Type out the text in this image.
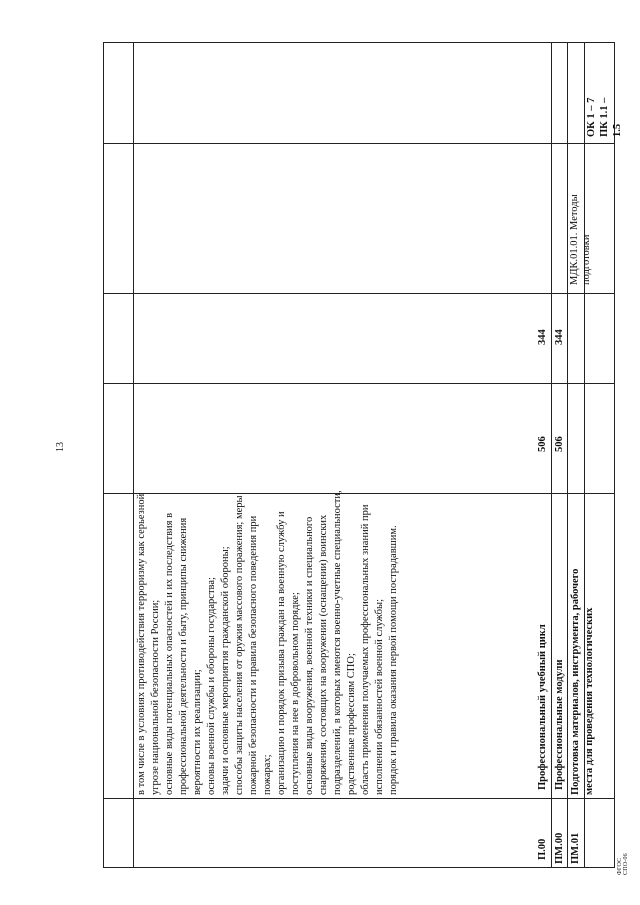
13
в том числе в условиях противодействия терроризму как серьезной угрозе национальной безопасности России;
основные виды потенциальных опасностей и их последствия в профессиональной деятельности и быту, принципы снижения вероятности их реализации;
основы военной службы и обороны государства;
задачи и основные мероприятия гражданской обороны;
способы защиты населения от оружия массового поражения; меры пожарной безопасности и правила безопасного поведения при пожарах;
организацию и порядок призыва граждан на военную службу и поступления на нее в добровольном порядке;
основные виды вооружения, военной техники и специального снаряжения, состоящих на вооружении (оснащении) воинских подразделений, в которых имеются военно-учетные специальности, родственные профессиям СПО;
область применения получаемых профессиональных знаний при исполнении обязанностей военной службы;
порядок и правила оказания первой помощи пострадавшим.
П.00
Профессиональный учебный цикл
506
344
ПМ.00
Профессиональные модули
506
344
ПМ.01
Подготовка материалов, инструмента, рабочего места для проведения технологических
МДК.01.01. Методы подготовки
ОК 1 – 7
ПК 1.1 – 1.5
ФГОС СПО-06
